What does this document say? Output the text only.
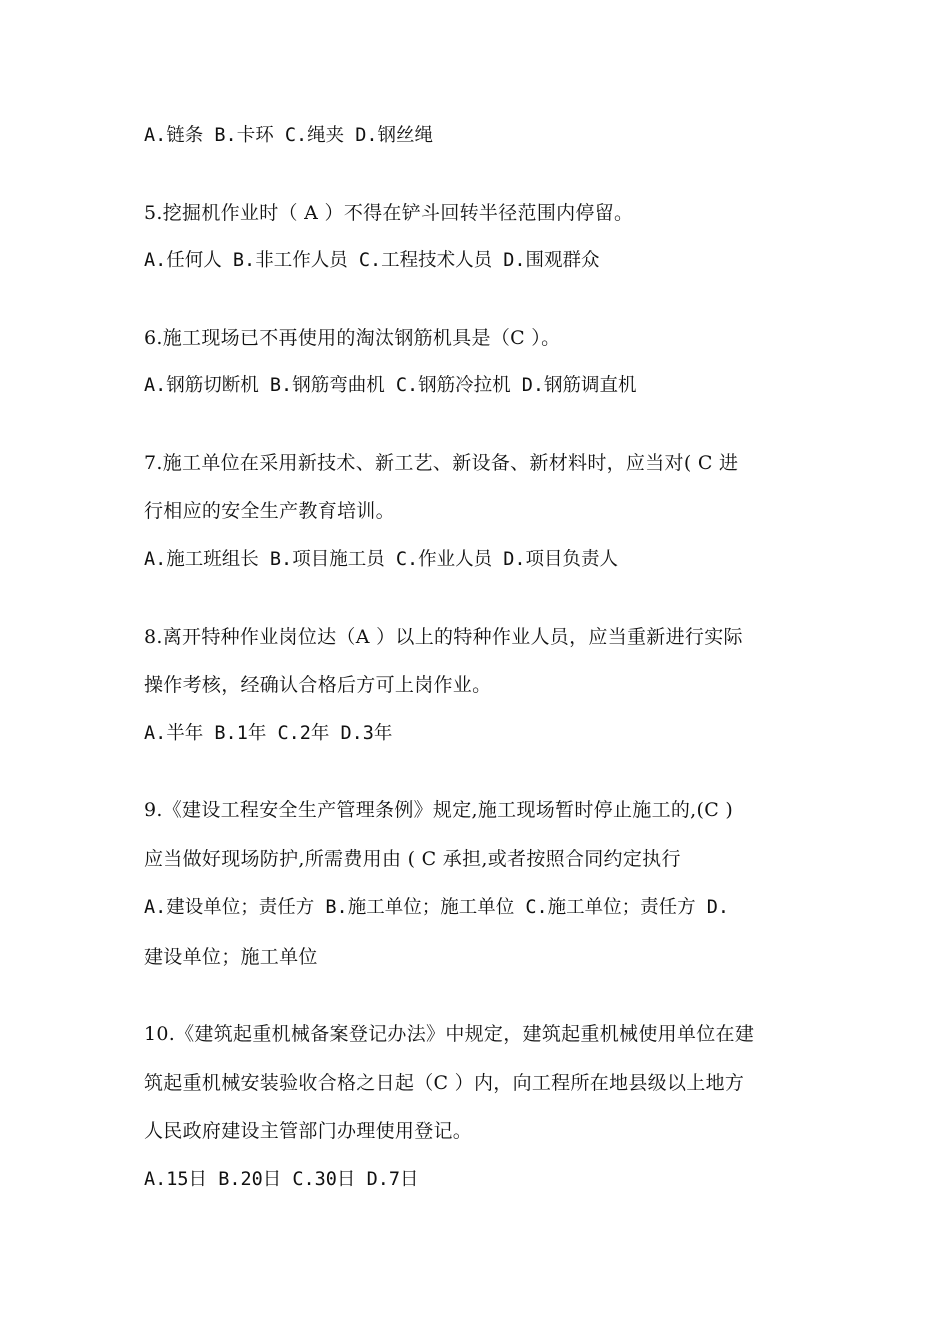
A.链条 B.卡环 C.绳夹 D.钢丝绳
5.挖掘机作业时（ A ）不得在铲斗回转半径范围内停留。
A.任何人 B.非工作人员 C.工程技术人员 D.围观群众
6.施工现场已不再使用的淘汰钢筋机具是（C ）。
A.钢筋切断机 B.钢筋弯曲机 C.钢筋冷拉机 D.钢筋调直机
7.施工单位在采用新技术、新工艺、新设备、新材料时，应当对( C 进
行相应的安全生产教育培训。
A.施工班组长 B.项目施工员 C.作业人员 D.项目负责人
8.离开特种作业岗位达（A ）以上的特种作业人员，应当重新进行实际
操作考核，经确认合格后方可上岗作业。
A.半年 B.1年 C.2年 D.3年
9.《建设工程安全生产管理条例》规定,施工现场暂时停止施工的,(C )
应当做好现场防护,所需费用由 ( C 承担,或者按照合同约定执行
A.建设单位；责任方 B.施工单位；施工单位 C.施工单位；责任方 D.
建设单位；施工单位
10.《建筑起重机械备案登记办法》中规定，建筑起重机械使用单位在建
筑起重机械安装验收合格之日起（C ）内，向工程所在地县级以上地方
人民政府建设主管部门办理使用登记。
A.15日 B.20日 C.30日 D.7日
